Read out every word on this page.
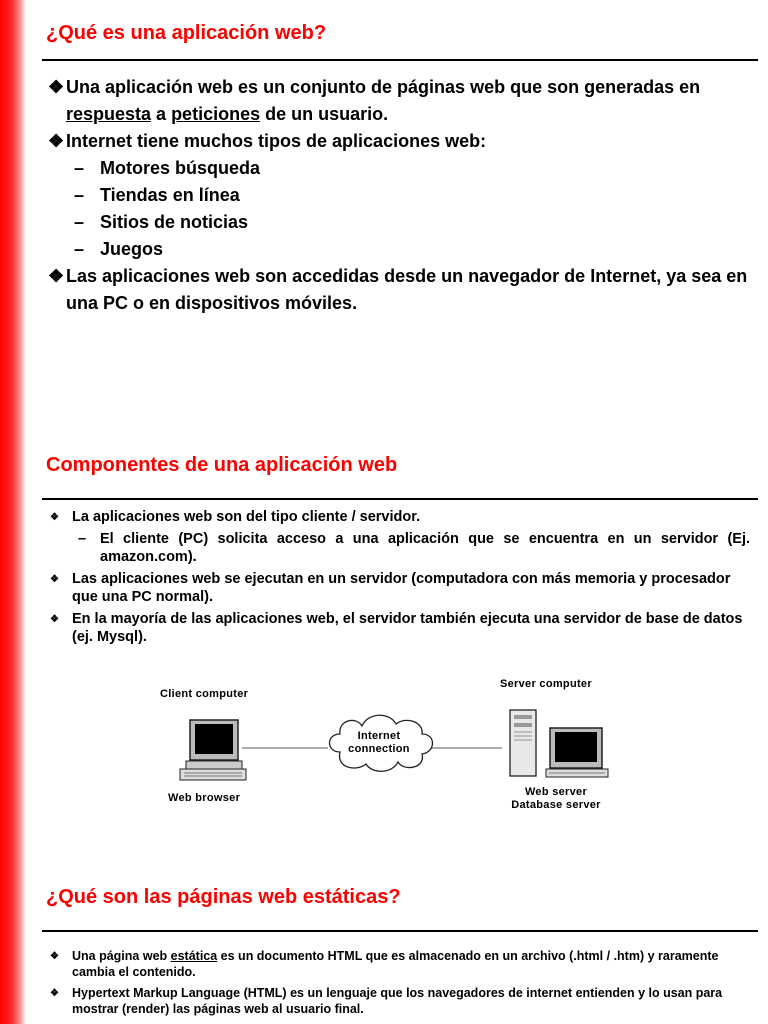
¿Qué es una aplicación web?
❖ Una aplicación web es un conjunto de páginas web que son generadas en respuesta a peticiones de un usuario.
❖ Internet tiene muchos tipos de aplicaciones web:
– Motores búsqueda
– Tiendas en línea
– Sitios de noticias
– Juegos
❖ Las aplicaciones web son accedidas desde un navegador de Internet, ya sea en una PC o en dispositivos móviles.
Componentes de una aplicación web
❖ La aplicaciones web son del tipo cliente / servidor.
– El cliente (PC) solicita acceso a una aplicación que se encuentra en un servidor (Ej. amazon.com).
❖ Las aplicaciones web se ejecutan en un servidor (computadora con más memoria y procesador que una PC normal).
❖ En la mayoría de las aplicaciones web, el servidor también ejecuta una servidor de base de datos (ej. Mysql).
Client computer
Web browser
Internet
connection
Server computer
Web server
Database server
¿Qué son las páginas web estáticas?
❖ Una página web estática es un documento HTML que es almacenado en un archivo (.html / .htm) y raramente cambia el contenido.
❖ Hypertext Markup Language (HTML) es un lenguaje que los navegadores de internet entienden y lo usan para mostrar (render) las páginas web al usuario final.
